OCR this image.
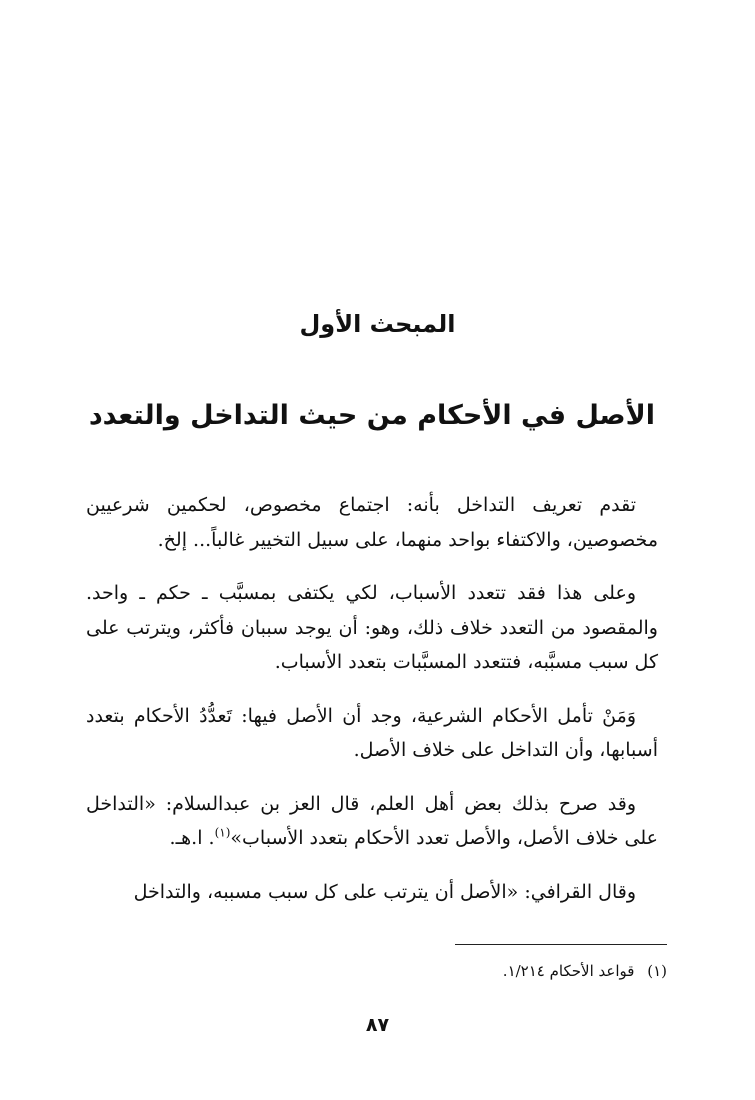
المبحث الأول
الأصل في الأحكام من حيث التداخل والتعدد

تقدم تعريف التداخل بأنه: اجتماع مخصوص، لحكمين شرعيين مخصوصين، والاكتفاء بواحد منهما، على سبيل التخيير غالباً... إلخ.

وعلى هذا فقد تتعدد الأسباب، لكي يكتفى بمسبَّب ـ حكم ـ واحد. والمقصود من التعدد خلاف ذلك، وهو: أن يوجد سببان فأكثر، ويترتب على كل سبب مسبَّبه، فتتعدد المسبَّبات بتعدد الأسباب.

وَمَنْ تأمل الأحكام الشرعية، وجد أن الأصل فيها: تَعدُّدُ الأحكام بتعدد أسبابها، وأن التداخل على خلاف الأصل.

وقد صرح بذلك بعض أهل العلم، قال العز بن عبدالسلام: «التداخل على خلاف الأصل، والأصل تعدد الأحكام بتعدد الأسباب»$^{(١)}$. ا.هـ.

وقال القرافي: «الأصل أن يترتب على كل سبب مسببه، والتداخل

(١) قواعد الأحكام ١/٢١٤.

٨٧
